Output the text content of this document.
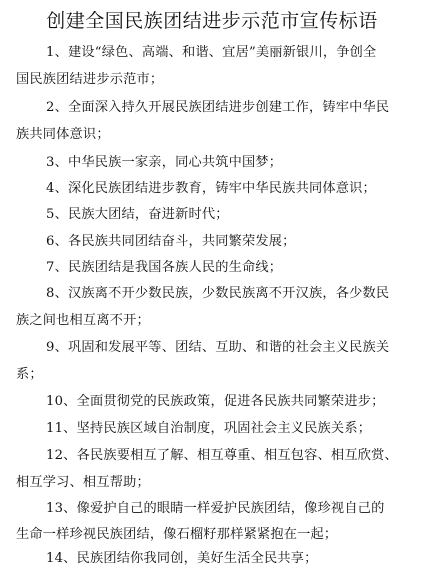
创建全国民族团结进步示范市宣传标语
1、建设“绿色、高端、和谐、宜居”美丽新银川，争创全
国民族团结进步示范市；
2、全面深入持久开展民族团结进步创建工作，铸牢中华民
族共同体意识；
3、中华民族一家亲，同心共筑中国梦；
4、深化民族团结进步教育，铸牢中华民族共同体意识；
5、民族大团结，奋进新时代；
6、各民族共同团结奋斗，共同繁荣发展；
7、民族团结是我国各族人民的生命线；
8、汉族离不开少数民族，少数民族离不开汉族，各少数民
族之间也相互离不开；
9、巩固和发展平等、团结、互助、和谐的社会主义民族关
系；
10、全面贯彻党的民族政策，促进各民族共同繁荣进步；
11、坚持民族区域自治制度，巩固社会主义民族关系；
12、各民族要相互了解、相互尊重、相互包容、相互欣赏、
相互学习、相互帮助；
13、像爱护自己的眼睛一样爱护民族团结，像珍视自己的
生命一样珍视民族团结，像石榴籽那样紧紧抱在一起；
14、民族团结你我同创，美好生活全民共享；
